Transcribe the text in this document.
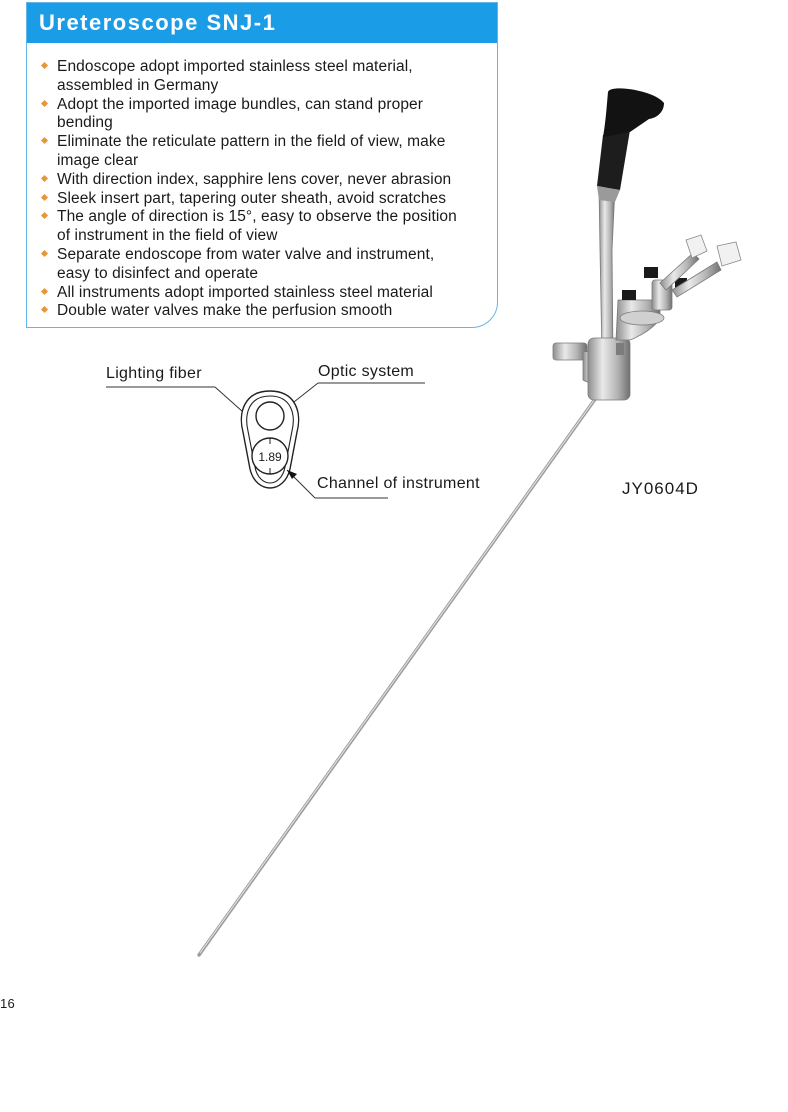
Ureteroscope SNJ-1
Endoscope adopt imported stainless steel material,
assembled in Germany
Adopt the imported image bundles, can stand proper
bending
Eliminate the reticulate pattern in the field of view, make
image clear
With direction index, sapphire lens cover, never abrasion
Sleek insert part, tapering outer sheath, avoid scratches
The angle of direction is 15°, easy to observe the position
of instrument in the field of view
Separate endoscope from water valve and instrument,
easy to disinfect and operate
All instruments adopt imported stainless steel material
Double water valves make the perfusion smooth
1.89
Lighting fiber	Optic system
Channel of instrument	JY0604D
16
